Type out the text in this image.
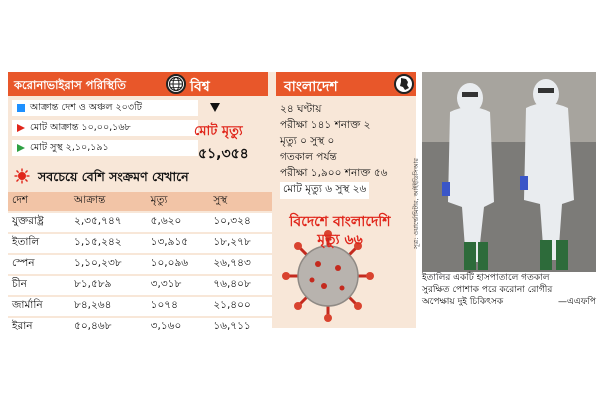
করোনাভাইরাস পরিস্থিতি	বিশ্ব
আক্রান্ত দেশ ও অঞ্চল ২০৩টি
মোট আক্রান্ত ১০,০০,১৬৮
মোট সুস্থ ২,১০,১৯১
মোট মৃত্যু
৫১,৩৫৪
সবচেয়ে বেশি সংক্রমণ যেখানে
দেশ	আক্রান্ত	মৃত্যু	সুস্থ
যুক্তরাষ্ট্র	২,৩৫,৭৪৭	৫,৬২০	১০,৩২৪
ইতালি	১,১৫,২৪২	১৩,৯১৫	১৮,২৭৮
স্পেন	১,১০,২৩৮	১০,০৯৬	২৬,৭৪৩
চীন	৮১,৫৮৯	৩,৩১৮	৭৬,৪০৮
জার্মানি	৮৪,২৬৪	১০৭৪	২১,৪০০
ইরান	৫০,৪৬৮	৩,১৬০	১৬,৭১১
বাংলাদেশ
২৪ ঘণ্টায়
পরীক্ষা ১৪১ শনাক্ত ২
মৃত্যু ০ সুস্থ ০
গতকাল পর্যন্ত
পরীক্ষা ১,৯০০ শনাক্ত ৫৬
মোট মৃত্যু ৬ সুস্থ ২৬
বিদেশে বাংলাদেশি
মৃত্যু ৬৬	সূত্র: ওয়ার্ল্ডোমিটার, আইইডিসিআর
ইতালির একটি হাসপাতালে গতকাল
সুরক্ষিত পোশাক পরে করোনা রোগীর
অপেক্ষায় দুই চিকিৎসক	—এএফপি
